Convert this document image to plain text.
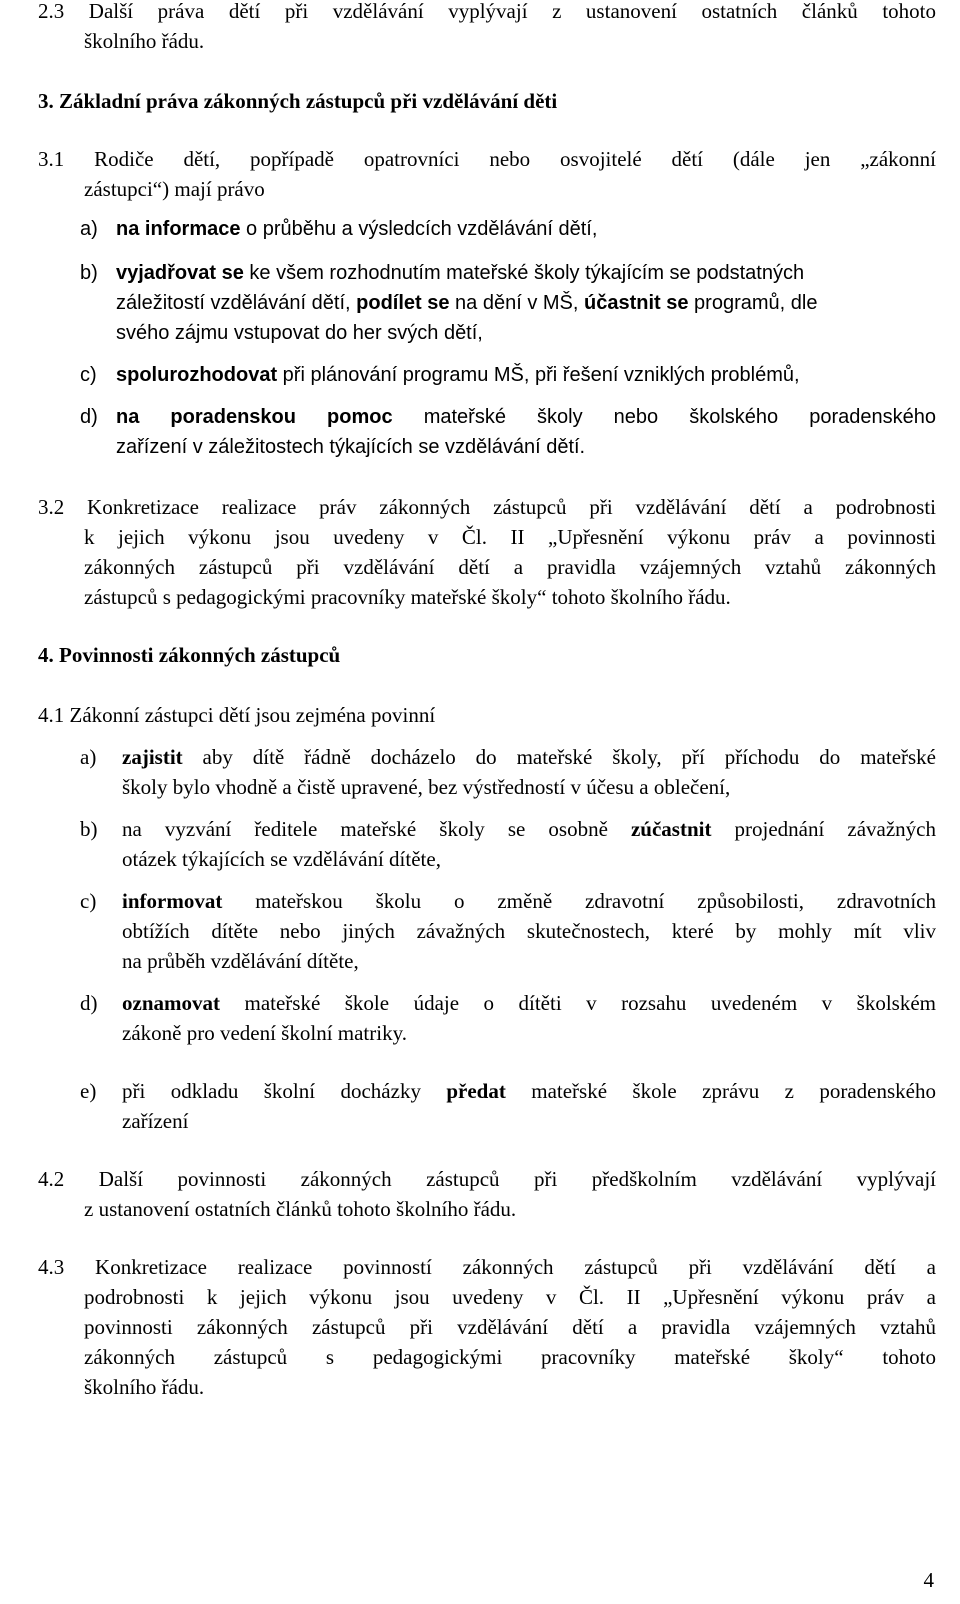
2.3 Další práva dětí při vzdělávání vyplývají z ustanovení ostatních článků tohoto
školního řádu.
3. Základní práva zákonných zástupců při vzdělávání děti
3.1 Rodiče dětí, popřípadě opatrovníci nebo osvojitelé dětí (dále jen „zákonní
zástupci“) mají právo
a) na informace o průběhu a výsledcích vzdělávání dětí,
b) vyjadřovat se ke všem rozhodnutím mateřské školy týkajícím se podstatných
záležitostí vzdělávání dětí, podílet se na dění v MŠ, účastnit se programů, dle
svého zájmu vstupovat do her svých dětí,
c) spolurozhodovat při plánování programu MŠ, při řešení vzniklých problémů,
d) na poradenskou pomoc mateřské školy nebo školského poradenského
zařízení v záležitostech týkajících se vzdělávání dětí.
3.2 Konkretizace realizace práv zákonných zástupců při vzdělávání dětí a podrobnosti
k jejich výkonu jsou uvedeny v Čl. II „Upřesnění výkonu práv a povinnosti
zákonných zástupců při vzdělávání dětí a pravidla vzájemných vztahů zákonných
zástupců s pedagogickými pracovníky mateřské školy“ tohoto školního řádu.
4. Povinnosti zákonných zástupců
4.1 Zákonní zástupci dětí jsou zejména povinní
a) zajistit aby dítě řádně docházelo do mateřské školy, pří příchodu do mateřské
školy bylo vhodně a čistě upravené, bez výstředností v účesu a oblečení,
b) na vyzvání ředitele mateřské školy se osobně zúčastnit projednání závažných
otázek týkajících se vzdělávání dítěte,
c) informovat mateřskou školu o změně zdravotní způsobilosti, zdravotních
obtížích dítěte nebo jiných závažných skutečnostech, které by mohly mít vliv
na průběh vzdělávání dítěte,
d) oznamovat mateřské škole údaje o dítěti v rozsahu uvedeném v školském
zákoně pro vedení školní matriky.
e) při odkladu školní docházky předat mateřské škole zprávu z poradenského
zařízení
4.2 Další povinnosti zákonných zástupců při předškolním vzdělávání vyplývají
z ustanovení ostatních článků tohoto školního řádu.
4.3 Konkretizace realizace povinností zákonných zástupců při vzdělávání dětí a
podrobnosti k jejich výkonu jsou uvedeny v Čl. II „Upřesnění výkonu práv a
povinnosti zákonných zástupců při vzdělávání dětí a pravidla vzájemných vztahů
zákonných zástupců s pedagogickými pracovníky mateřské školy“ tohoto
školního řádu.
4
